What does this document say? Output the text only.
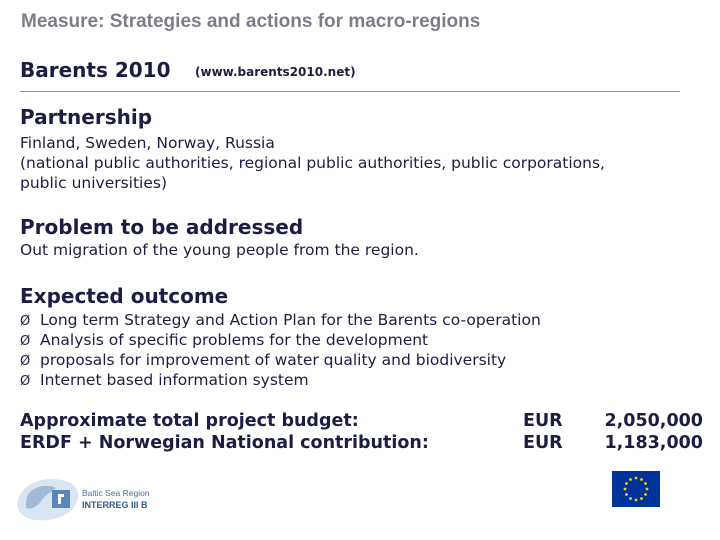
Measure: Strategies and actions for macro-regions
Barents 2010 (www.barents2010.net)
Partnership
Finland, Sweden, Norway, Russia
(national public authorities, regional public authorities, public corporations,
public universities)
Problem to be addressed
Out migration of the young people from the region.
Expected outcome
Ø Long term Strategy and Action Plan for the Barents co-operation
Ø Analysis of specific problems for the development
Ø proposals for improvement of water quality and biodiversity
Ø Internet based information system
Approximate total project budget:
ERDF + Norwegian National contribution:
EUR 2,050,000
EUR 1,183,000
Baltic Sea Region
INTERREG III B
